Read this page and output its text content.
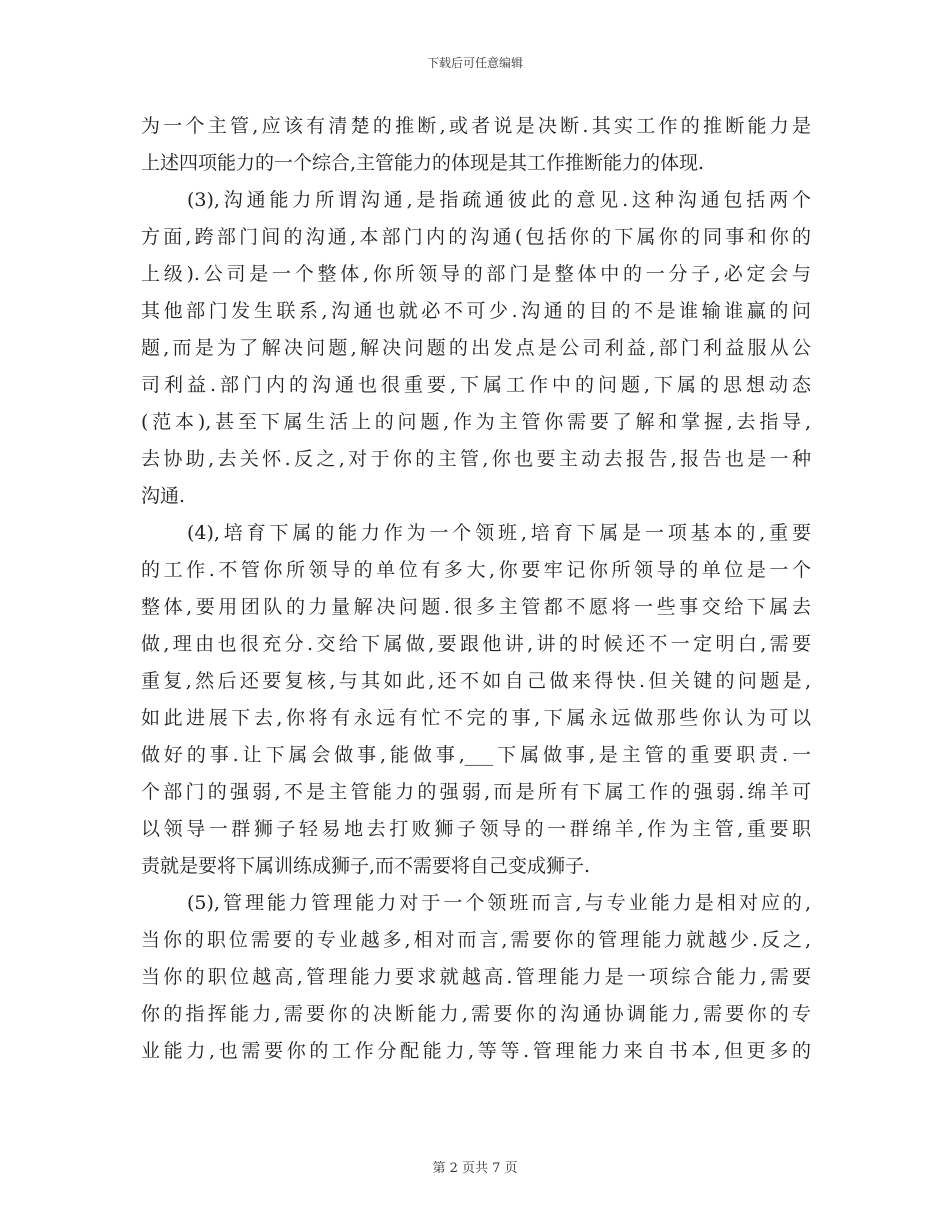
下载后可任意编辑
为一个主管,应该有清楚的推断,或者说是决断.其实工作的推断能力是
上述四项能力的一个综合,主管能力的体现是其工作推断能力的体现.
(3),沟通能力所谓沟通,是指疏通彼此的意见.这种沟通包括两个
方面,跨部门间的沟通,本部门内的沟通(包括你的下属你的同事和你的
上级).公司是一个整体,你所领导的部门是整体中的一分子,必定会与
其他部门发生联系,沟通也就必不可少.沟通的目的不是谁输谁赢的问
题,而是为了解决问题,解决问题的出发点是公司利益,部门利益服从公
司利益.部门内的沟通也很重要,下属工作中的问题,下属的思想动态
(范本),甚至下属生活上的问题,作为主管你需要了解和掌握,去指导,
去协助,去关怀.反之,对于你的主管,你也要主动去报告,报告也是一种
沟通.
(4),培育下属的能力作为一个领班,培育下属是一项基本的,重要
的工作.不管你所领导的单位有多大,你要牢记你所领导的单位是一个
整体,要用团队的力量解决问题.很多主管都不愿将一些事交给下属去
做,理由也很充分.交给下属做,要跟他讲,讲的时候还不一定明白,需要
重复,然后还要复核,与其如此,还不如自己做来得快.但关键的问题是,
如此进展下去,你将有永远有忙不完的事,下属永远做那些你认为可以
做好的事.让下属会做事,能做事,___下属做事,是主管的重要职责.一
个部门的强弱,不是主管能力的强弱,而是所有下属工作的强弱.绵羊可
以领导一群狮子轻易地去打败狮子领导的一群绵羊,作为主管,重要职
责就是要将下属训练成狮子,而不需要将自己变成狮子.
(5),管理能力管理能力对于一个领班而言,与专业能力是相对应的,
当你的职位需要的专业越多,相对而言,需要你的管理能力就越少.反之,
当你的职位越高,管理能力要求就越高.管理能力是一项综合能力,需要
你的指挥能力,需要你的决断能力,需要你的沟通协调能力,需要你的专
业能力,也需要你的工作分配能力,等等.管理能力来自书本,但更多的
第 2 页共 7 页
